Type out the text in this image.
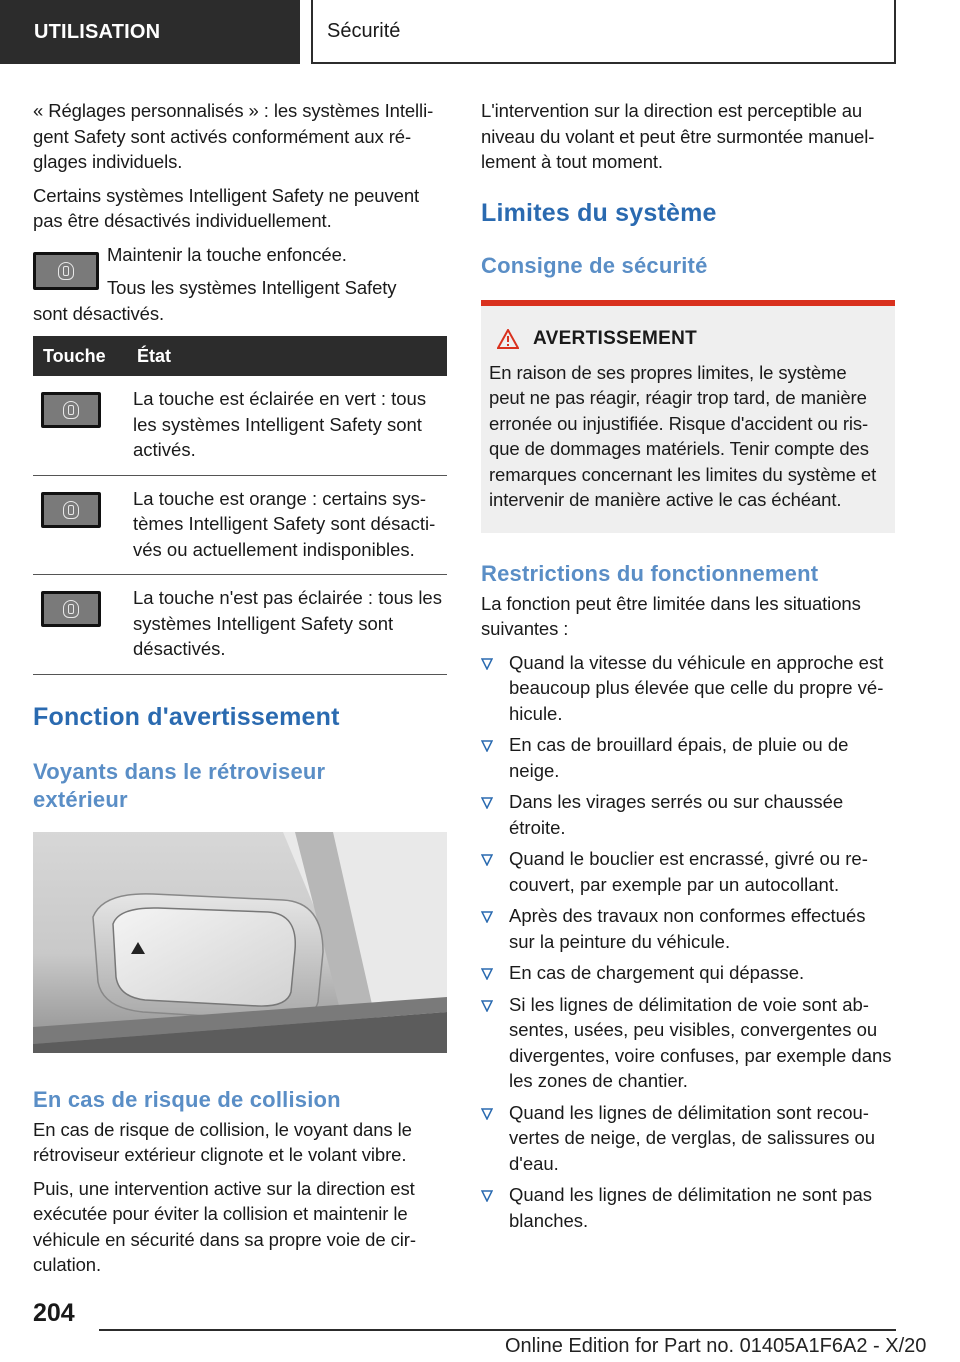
UTILISATION	Sécurité

« Réglages personnalisés » : les systèmes Intelli-gent Safety sont activés conformément aux ré-glages individuels.

Certains systèmes Intelligent Safety ne peuvent pas être désactivés individuellement.

Maintenir la touche enfoncée.

Tous les systèmes Intelligent Safety

sont désactivés.

Touche	État

	La touche est éclairée en vert : tous les systèmes Intelligent Safety sont activés.

	La touche est orange : certains sys-tèmes Intelligent Safety sont désacti-vés ou actuellement indisponibles.

	La touche n'est pas éclairée : tous les systèmes Intelligent Safety sont désactivés.
Fonction d'avertissement
Voyants dans le rétroviseur extérieur
En cas de risque de collision

En cas de risque de collision, le voyant dans le rétroviseur extérieur clignote et le volant vibre.

Puis, une intervention active sur la direction est exécutée pour éviter la collision et maintenir le véhicule en sécurité dans sa propre voie de cir-culation.

L'intervention sur la direction est perceptible au niveau du volant et peut être surmontée manuel-lement à tout moment.

Limites du système
Consigne de sécurité
AVERTISSEMENT

En raison de ses propres limites, le système peut ne pas réagir, réagir trop tard, de manière erronée ou injustifiée. Risque d'accident ou ris-que de dommages matériels. Tenir compte des remarques concernant les limites du système et intervenir de manière active le cas échéant.

Restrictions du fonctionnement

La fonction peut être limitée dans les situations suivantes :

Quand la vitesse du véhicule en approche est beaucoup plus élevée que celle du propre vé-hicule.
En cas de brouillard épais, de pluie ou de neige.
Dans les virages serrés ou sur chaussée étroite.
Quand le bouclier est encrassé, givré ou re-couvert, par exemple par un autocollant.
Après des travaux non conformes effectués sur la peinture du véhicule.
En cas de chargement qui dépasse.
Si les lignes de délimitation de voie sont ab-sentes, usées, peu visibles, convergentes ou divergentes, voire confuses, par exemple dans les zones de chantier.
Quand les lignes de délimitation sont recou-vertes de neige, de verglas, de salissures ou d'eau.
Quand les lignes de délimitation ne sont pas blanches.
204
Online Edition for Part no. 01405A1F6A2 - X/20
